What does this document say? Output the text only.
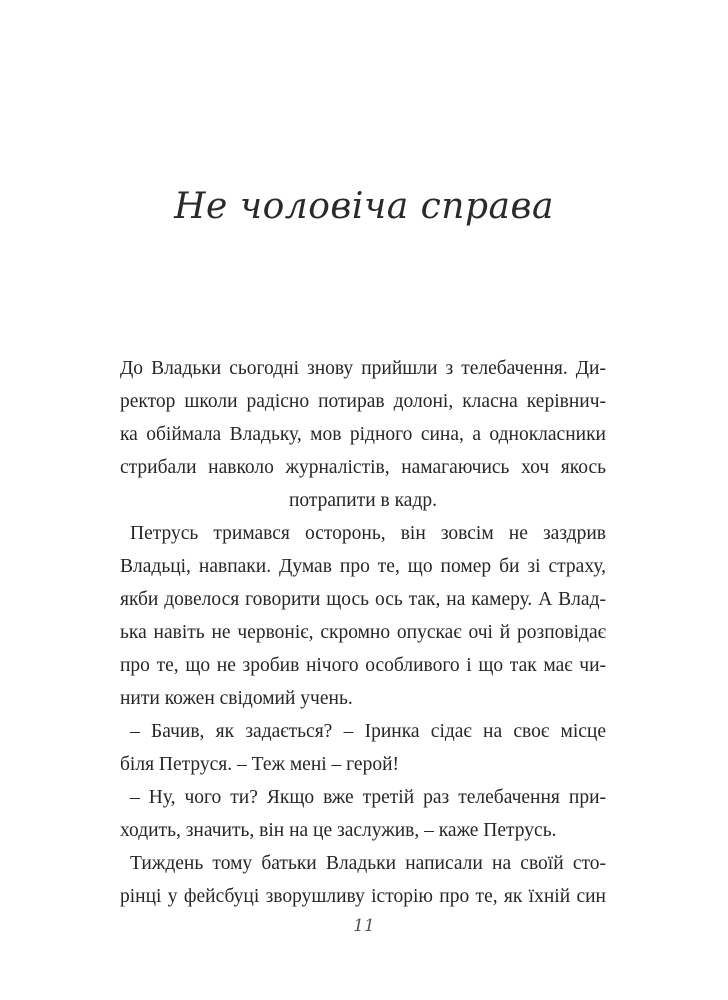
Не чоловіча справа
До Владьки сьогодні знову прийшли з телебачення. Ди-
ректор школи радісно потирав долоні, класна керівнич-
ка обіймала Владьку, мов рідного сина, а однокласники
стрибали навколо журналістів, намагаючись хоч якось
потрапити в кадр.
Петрусь тримався осторонь, він зовсім не заздрив
Владьці, навпаки. Думав про те, що помер би зі страху,
якби довелося говорити щось ось так, на камеру. А Влад-
ька навіть не червоніє, скромно опускає очі й розповідає
про те, що не зробив нічого особливого і що так має чи-
нити кожен свідомий учень.
– Бачив, як задається? – Іринка сідає на своє місце
біля Петруся. – Теж мені – герой!
– Ну, чого ти? Якщо вже третій раз телебачення при-
ходить, значить, він на це заслужив, – каже Петрусь.
Тиждень тому батьки Владьки написали на своїй сто-
рінці у фейсбуці зворушливу історію про те, як їхній син
11
